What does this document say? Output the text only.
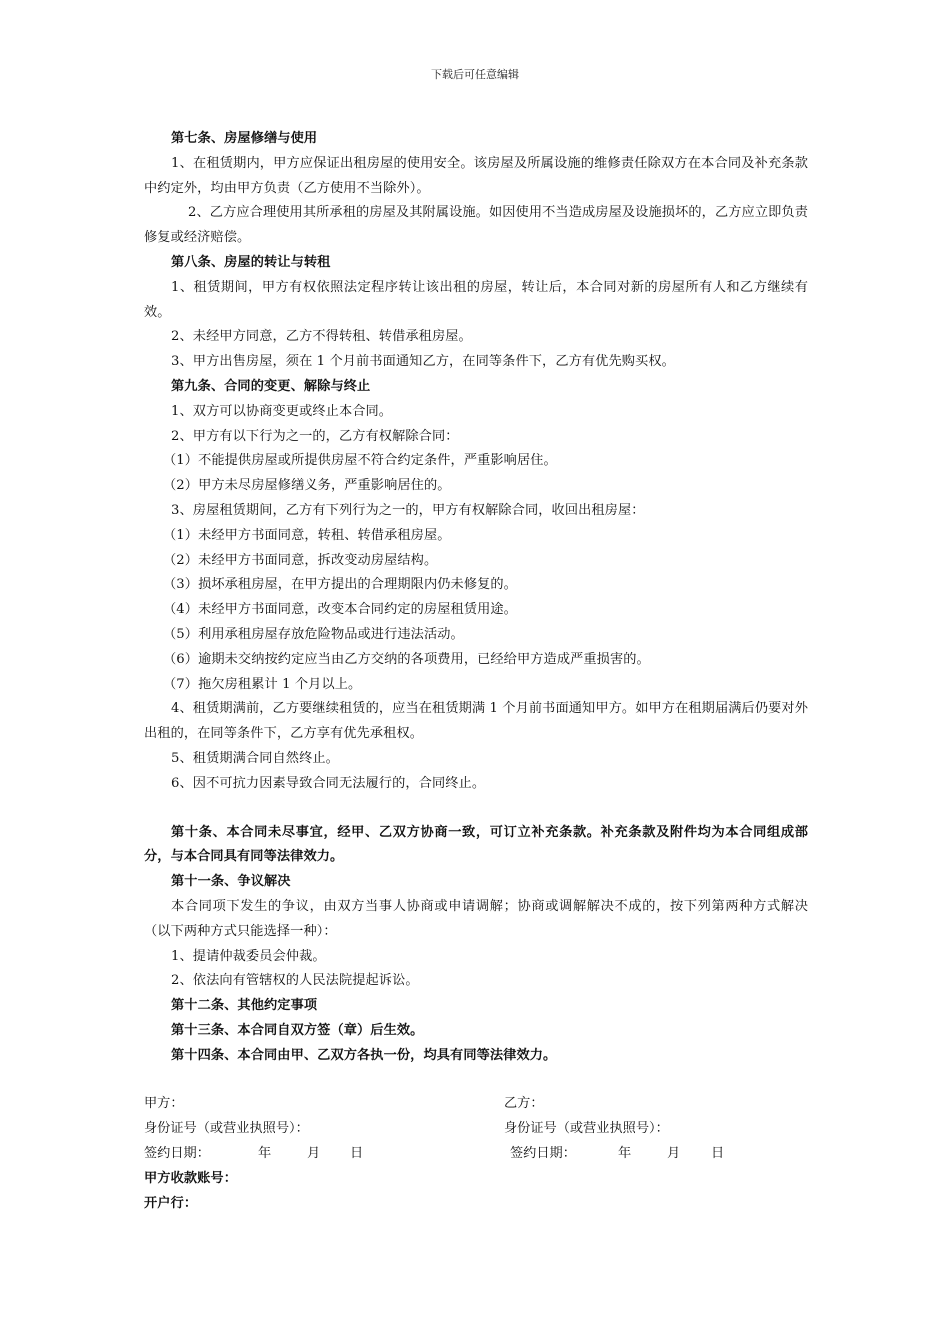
下载后可任意编辑
第七条、房屋修缮与使用
1、在租赁期内，甲方应保证出租房屋的使用安全。该房屋及所属设施的维修责任除双方在本合同及补充条款中约定外，均由甲方负责（乙方使用不当除外）。
2、乙方应合理使用其所承租的房屋及其附属设施。如因使用不当造成房屋及设施损坏的，乙方应立即负责修复或经济赔偿。
第八条、房屋的转让与转租
1、租赁期间，甲方有权依照法定程序转让该出租的房屋，转让后，本合同对新的房屋所有人和乙方继续有效。
2、未经甲方同意，乙方不得转租、转借承租房屋。
3、甲方出售房屋，须在 1 个月前书面通知乙方，在同等条件下，乙方有优先购买权。
第九条、合同的变更、解除与终止
1、双方可以协商变更或终止本合同。
2、甲方有以下行为之一的，乙方有权解除合同：
（1）不能提供房屋或所提供房屋不符合约定条件，严重影响居住。
（2）甲方未尽房屋修缮义务，严重影响居住的。
3、房屋租赁期间，乙方有下列行为之一的，甲方有权解除合同，收回出租房屋：
（1）未经甲方书面同意，转租、转借承租房屋。
（2）未经甲方书面同意，拆改变动房屋结构。
（3）损坏承租房屋，在甲方提出的合理期限内仍未修复的。
（4）未经甲方书面同意，改变本合同约定的房屋租赁用途。
（5）利用承租房屋存放危险物品或进行违法活动。
（6）逾期未交纳按约定应当由乙方交纳的各项费用，已经给甲方造成严重损害的。
（7）拖欠房租累计 1 个月以上。
4、租赁期满前，乙方要继续租赁的，应当在租赁期满 1 个月前书面通知甲方。如甲方在租期届满后仍要对外出租的，在同等条件下，乙方享有优先承租权。
5、租赁期满合同自然终止。
6、因不可抗力因素导致合同无法履行的，合同终止。
第十条、本合同未尽事宜，经甲、乙双方协商一致，可订立补充条款。补充条款及附件均为本合同组成部分，与本合同具有同等法律效力。
第十一条、争议解决
本合同项下发生的争议，由双方当事人协商或申请调解；协商或调解解决不成的，按下列第两种方式解决（以下两种方式只能选择一种）：
1、提请仲裁委员会仲裁。
2、依法向有管辖权的人民法院提起诉讼。
第十二条、其他约定事项
第十三条、本合同自双方签（章）后生效。
第十四条、本合同由甲、乙双方各执一份，均具有同等法律效力。
甲方：	乙方：
身份证号（或营业执照号）：	身份证号（或营业执照号）：
签约日期：	年	月 日	签约日期：	年	月 日
甲方收款账号：
开户行：
